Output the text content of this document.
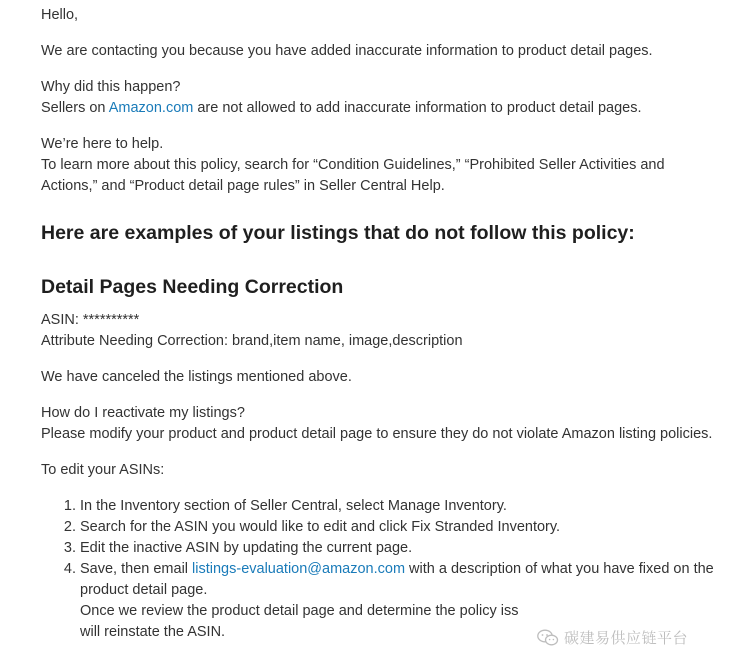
Hello,

We are contacting you because you have added inaccurate information to product detail pages.

Why did this happen?
Sellers on Amazon.com are not allowed to add inaccurate information to product detail pages.

We’re here to help.
To learn more about this policy, search for “Condition Guidelines,” “Prohibited Seller Activities and Actions,” and “Product detail page rules” in Seller Central Help.

Here are examples of your listings that do not follow this policy:
Detail Pages Needing Correction

ASIN: **********
Attribute Needing Correction: brand,item name, image,description

We have canceled the listings mentioned above.

How do I reactivate my listings?
Please modify your product and product detail page to ensure they do not violate Amazon listing policies.

To edit your ASINs:

1. In the Inventory section of Seller Central, select Manage Inventory.
2. Search for the ASIN you would like to edit and click Fix Stranded Inventory.
3. Edit the inactive ASIN by updating the current page.
4. Save, then email listings-evaluation@amazon.com with a description of what you have fixed on the product detail page.
Once we review the product detail page and determine the policy iss
will reinstate the ASIN.	碳建易供应链平台
